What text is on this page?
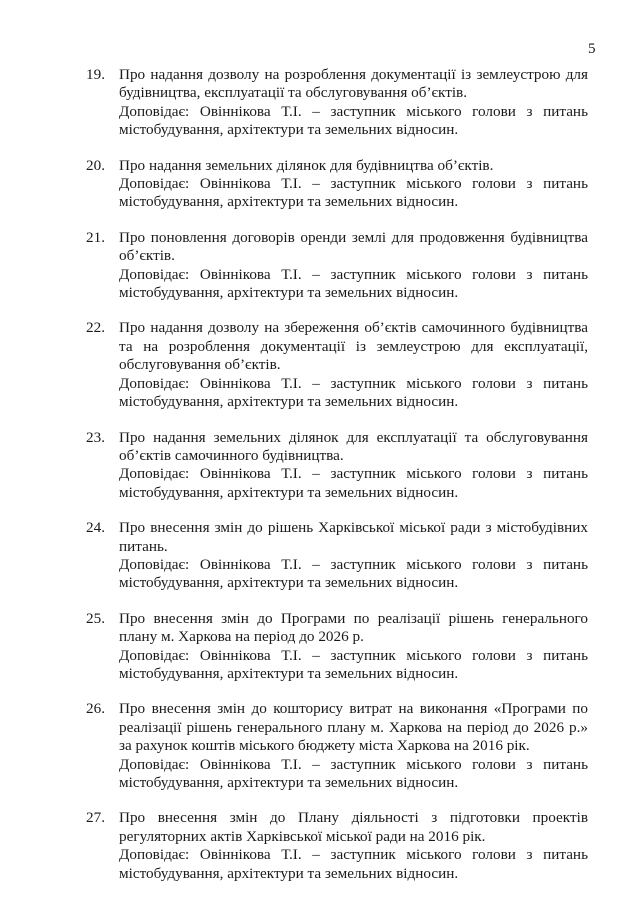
5
19. Про надання дозволу на розроблення документації із землеустрою для будівництва, експлуатації та обслуговування об’єктів.
Доповідає: Овіннікова Т.І. – заступник міського голови з питань
містобудування, архітектури та земельних відносин.
20. Про надання земельних ділянок для будівництва об’єктів.
Доповідає: Овіннікова Т.І. – заступник міського голови з питань
містобудування, архітектури та земельних відносин.
21. Про поновлення договорів оренди землі для продовження будівництва об’єктів.
Доповідає: Овіннікова Т.І. – заступник міського голови з питань
містобудування, архітектури та земельних відносин.
22. Про надання дозволу на збереження об’єктів самочинного будівництва та на розроблення документації із землеустрою для експлуатації, обслуговування об’єктів.
Доповідає: Овіннікова Т.І. – заступник міського голови з питань
містобудування, архітектури та земельних відносин.
23. Про надання земельних ділянок для експлуатації та обслуговування об’єктів самочинного будівництва.
Доповідає: Овіннікова Т.І. – заступник міського голови з питань
містобудування, архітектури та земельних відносин.
24. Про внесення змін до рішень Харківської міської ради з містобудівних питань.
Доповідає: Овіннікова Т.І. – заступник міського голови з питань
містобудування, архітектури та земельних відносин.
25. Про внесення змін до Програми по реалізації рішень генерального плану м. Харкова на період до 2026 р.
Доповідає: Овіннікова Т.І. – заступник міського голови з питань
містобудування, архітектури та земельних відносин.
26. Про внесення змін до кошторису витрат на виконання «Програми по реалізації рішень генерального плану м. Харкова на період до 2026 р.» за рахунок коштів міського бюджету міста Харкова на 2016 рік.
Доповідає: Овіннікова Т.І. – заступник міського голови з питань
містобудування, архітектури та земельних відносин.
27. Про внесення змін до Плану діяльності з підготовки проектів регуляторних актів Харківської міської ради на 2016 рік.
Доповідає: Овіннікова Т.І. – заступник міського голови з питань
містобудування, архітектури та земельних відносин.
